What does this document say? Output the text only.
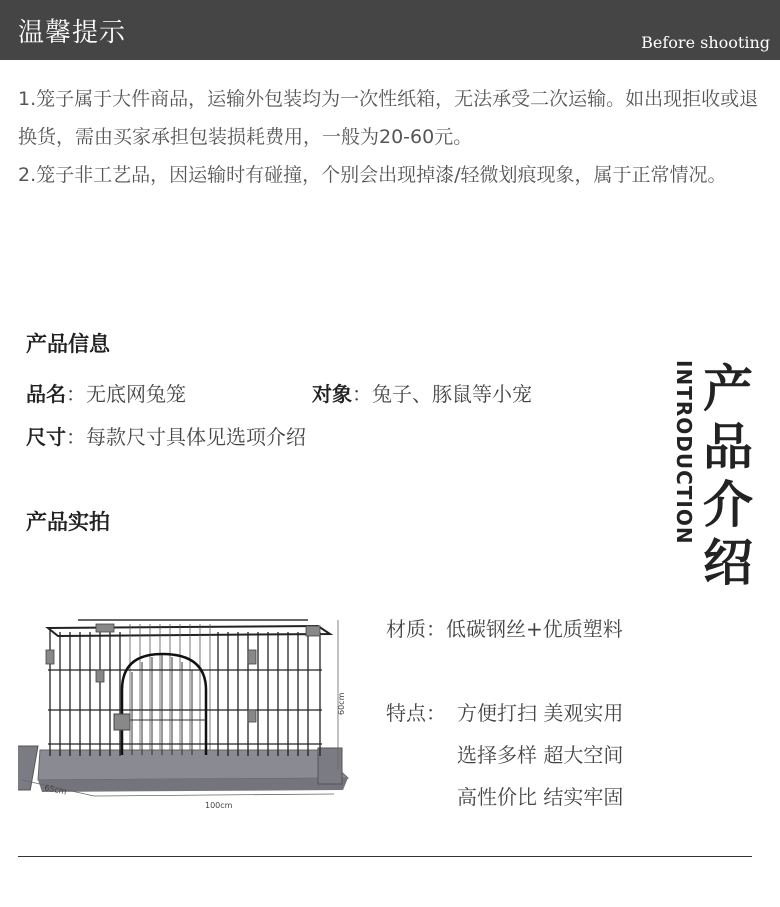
温馨提示	Before shooting
1.笼子属于大件商品，运输外包装均为一次性纸箱，无法承受二次运输。如出现拒收或退换货，需由买家承担包装损耗费用，一般为20-60元。
2.笼子非工艺品，因运输时有碰撞，个别会出现掉漆/轻微划痕现象，属于正常情况。
产品信息
品名：无底网兔笼	对象：兔子、豚鼠等小宠
尺寸：每款尺寸具体见选项介绍	INTRODUCTION 产品介绍
产品实拍
100cm
65cm
60cm
材质：低碳钢丝+优质塑料
特点： 方便打扫 美观实用
选择多样 超大空间
高性价比 结实牢固
